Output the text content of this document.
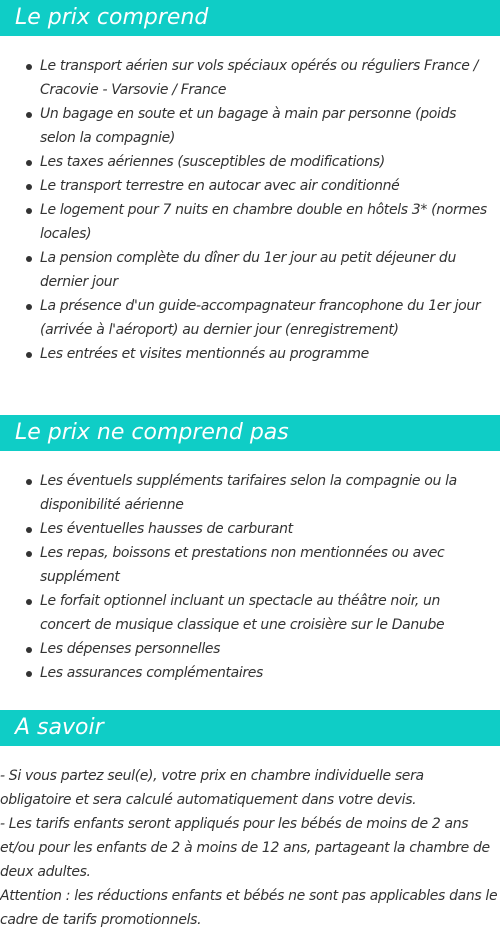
Le prix comprend
Le transport aérien sur vols spéciaux opérés ou réguliers France / Cracovie - Varsovie / France
Un bagage en soute et un bagage à main par personne (poids selon la compagnie)
Les taxes aériennes (susceptibles de modifications)
Le transport terrestre en autocar avec air conditionné
Le logement pour 7 nuits en chambre double en hôtels 3* (normes locales)
La pension complète du dîner du 1er jour au petit déjeuner du dernier jour
La présence d'un guide-accompagnateur francophone du 1er jour (arrivée à l'aéroport) au dernier jour (enregistrement)
Les entrées et visites mentionnés au programme
Le prix ne comprend pas
Les éventuels suppléments tarifaires selon la compagnie ou la disponibilité aérienne
Les éventuelles hausses de carburant
Les repas, boissons et prestations non mentionnées ou avec supplément
Le forfait optionnel incluant un spectacle au théâtre noir, un concert de musique classique et une croisière sur le Danube
Les dépenses personnelles
Les assurances complémentaires
A savoir

- Si vous partez seul(e), votre prix en chambre individuelle sera obligatoire et sera calculé automatiquement dans votre devis.

- Les tarifs enfants seront appliqués pour les bébés de moins de 2 ans et/ou pour les enfants de 2 à moins de 12 ans, partageant la chambre de deux adultes.

Attention : les réductions enfants et bébés ne sont pas applicables dans le cadre de tarifs promotionnels.
